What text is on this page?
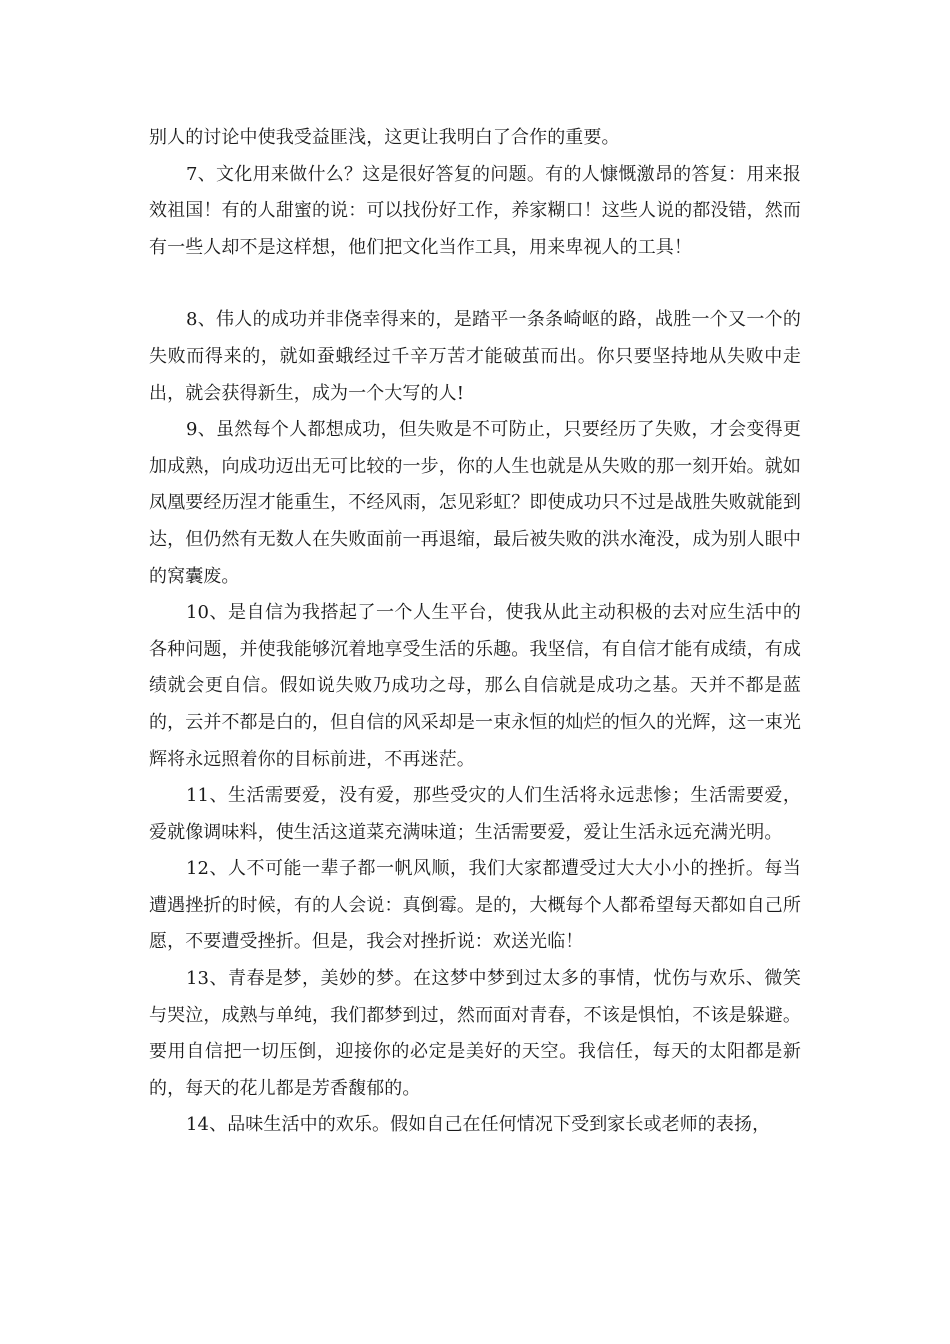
别人的讨论中使我受益匪浅，这更让我明白了合作的重要。

7、文化用来做什么？这是很好答复的问题。有的人慷慨激昂的答复：用来报效祖国！有的人甜蜜的说：可以找份好工作，养家糊口！这些人说的都没错，然而有一些人却不是这样想，他们把文化当作工具，用来卑视人的工具！

8、伟人的成功并非侥幸得来的，是踏平一条条崎岖的路，战胜一个又一个的失败而得来的，就如蚕蛾经过千辛万苦才能破茧而出。你只要坚持地从失败中走出，就会获得新生，成为一个大写的人!

9、虽然每个人都想成功，但失败是不可防止，只要经历了失败，才会变得更加成熟，向成功迈出无可比较的一步，你的人生也就是从失败的那一刻开始。就如凤凰要经历涅才能重生，不经风雨，怎见彩虹？即使成功只不过是战胜失败就能到达，但仍然有无数人在失败面前一再退缩，最后被失败的洪水淹没，成为别人眼中的窝囊废。

10、是自信为我搭起了一个人生平台，使我从此主动积极的去对应生活中的各种问题，并使我能够沉着地享受生活的乐趣。我坚信，有自信才能有成绩，有成绩就会更自信。假如说失败乃成功之母，那么自信就是成功之基。天并不都是蓝的，云并不都是白的，但自信的风采却是一束永恒的灿烂的恒久的光辉，这一束光辉将永远照着你的目标前进，不再迷茫。

11、生活需要爱，没有爱，那些受灾的人们生活将永远悲惨；生活需要爱，爱就像调味料，使生活这道菜充满味道；生活需要爱，爱让生活永远充满光明。

12、人不可能一辈子都一帆风顺，我们大家都遭受过大大小小的挫折。每当遭遇挫折的时候，有的人会说：真倒霉。是的，大概每个人都希望每天都如自己所愿，不要遭受挫折。但是，我会对挫折说：欢送光临！

13、青春是梦，美妙的梦。在这梦中梦到过太多的事情，忧伤与欢乐、微笑与哭泣，成熟与单纯，我们都梦到过，然而面对青春，不该是惧怕，不该是躲避。要用自信把一切压倒，迎接你的必定是美好的天空。我信任，每天的太阳都是新的，每天的花儿都是芳香馥郁的。

14、品味生活中的欢乐。假如自己在任何情况下受到家长或老师的表扬，
